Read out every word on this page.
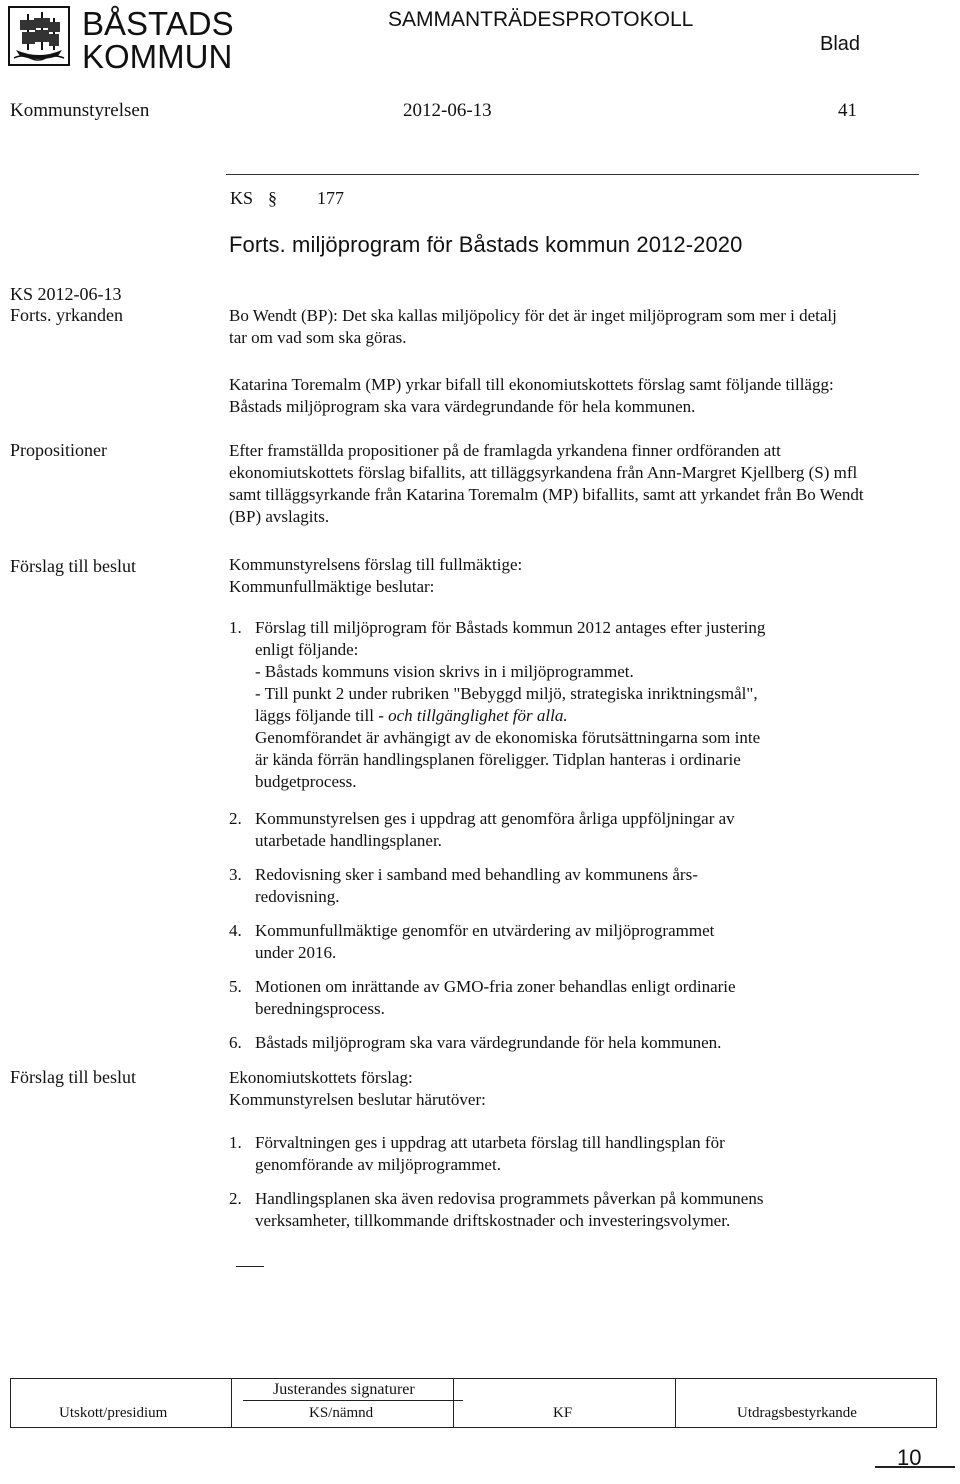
BÅSTADS
KOMMUN
SAMMANTRÄDESPROTOKOLL
Blad
Kommunstyrelsen	2012-06-13	41
KS § 177
Forts. miljöprogram för Båstads kommun 2012-2020
KS 2012-06-13
Forts. yrkanden
Propositioner
Förslag till beslut
Förslag till beslut
Bo Wendt (BP): Det ska kallas miljöpolicy för det är inget miljöprogram som mer i detalj tar om vad som ska göras.
Katarina Toremalm (MP) yrkar bifall till ekonomiutskottets förslag samt följande tillägg: Båstads miljöprogram ska vara värdegrundande för hela kommunen.
Efter framställda propositioner på de framlagda yrkandena finner ordföranden att ekonomiutskottets förslag bifallits, att tilläggsyrkandena från Ann-Margret Kjellberg (S) mfl samt tilläggsyrkande från Katarina Toremalm (MP) bifallits, samt att yrkandet från Bo Wendt (BP) avslagits.
Kommunstyrelsens förslag till fullmäktige:
Kommunfullmäktige beslutar:
1. Förslag till miljöprogram för Båstads kommun 2012 antages efter justering
enligt följande:
- Båstads kommuns vision skrivs in i miljöprogrammet.
- Till punkt 2 under rubriken "Bebyggd miljö, strategiska inriktningsmål",
läggs följande till - och tillgänglighet för alla.
Genomförandet är avhängigt av de ekonomiska förutsättningarna som inte
är kända förrän handlingsplanen föreligger. Tidplan hanteras i ordinarie
budgetprocess.
2. Kommunstyrelsen ges i uppdrag att genomföra årliga uppföljningar av
utarbetade handlingsplaner.
3. Redovisning sker i samband med behandling av kommunens års-
redovisning.
4. Kommunfullmäktige genomför en utvärdering av miljöprogrammet
under 2016.
5. Motionen om inrättande av GMO-fria zoner behandlas enligt ordinarie
beredningsprocess.
6. Båstads miljöprogram ska vara värdegrundande för hela kommunen.
Ekonomiutskottets förslag:
Kommunstyrelsen beslutar härutöver:
1. Förvaltningen ges i uppdrag att utarbeta förslag till handlingsplan för
genomförande av miljöprogrammet.
2. Handlingsplanen ska även redovisa programmets påverkan på kommunens
verksamheter, tillkommande driftskostnader och investeringsvolymer.
Justerandes signaturer
Utskott/presidium	KS/nämnd	KF	Utdragsbestyrkande
10
